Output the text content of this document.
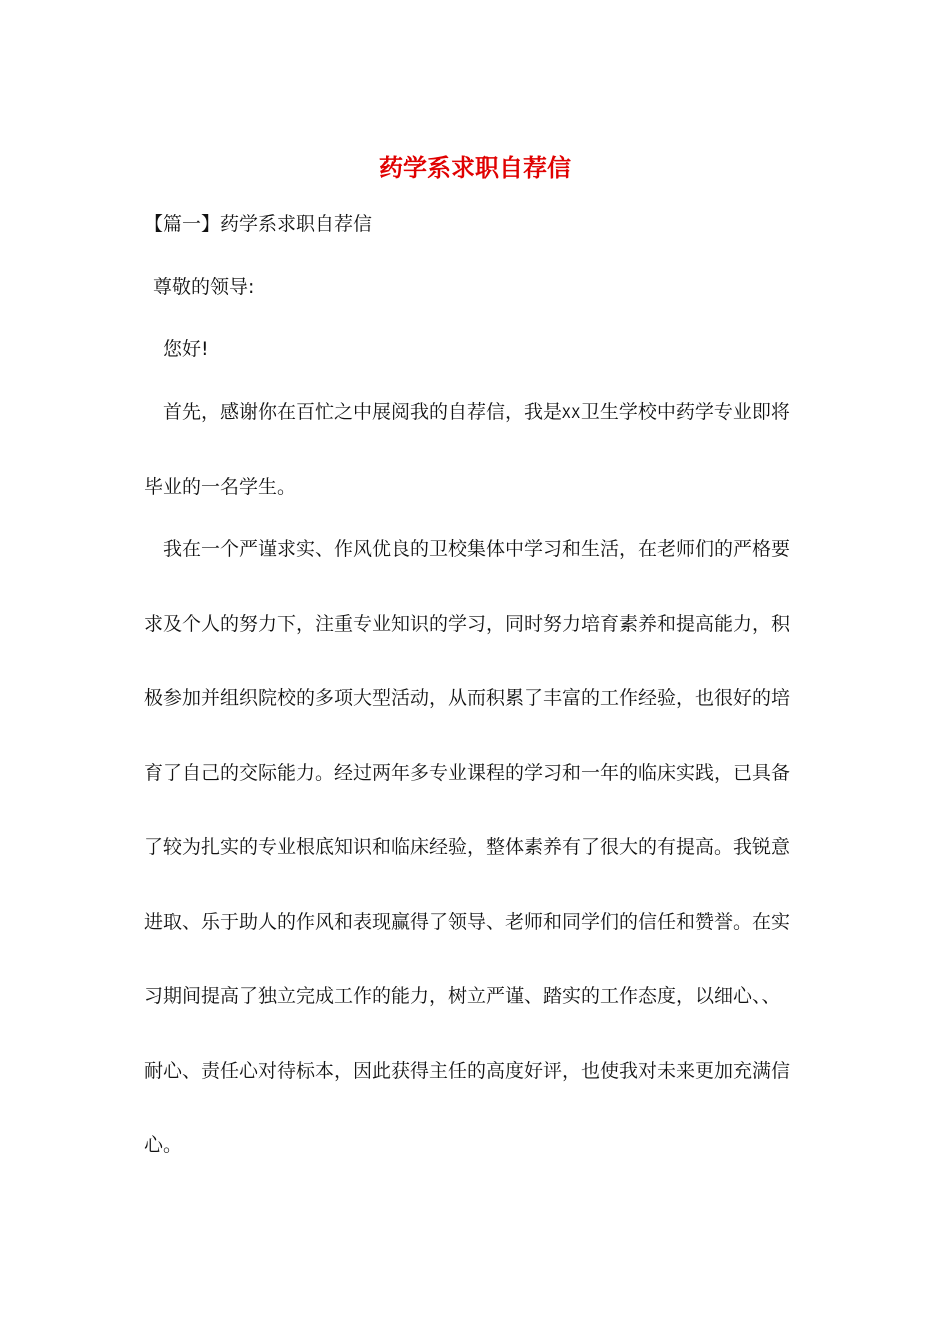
药学系求职自荐信
【篇一】药学系求职自荐信
尊敬的领导:
您好!
首先，感谢你在百忙之中展阅我的自荐信，我是XX卫生学校中药学专业即将
毕业的一名学生。
我在一个严谨求实、作风优良的卫校集体中学习和生活，在老师们的严格要
求及个人的努力下，注重专业知识的学习，同时努力培育素养和提高能力，积
极参加并组织院校的多项大型活动，从而积累了丰富的工作经验，也很好的培
育了自己的交际能力。经过两年多专业课程的学习和一年的临床实践，已具备
了较为扎实的专业根底知识和临床经验，整体素养有了很大的有提高。我锐意
进取、乐于助人的作风和表现赢得了领导、老师和同学们的信任和赞誉。在实
习期间提高了独立完成工作的能力，树立严谨、踏实的工作态度，以细心、、
耐心、责任心对待标本，因此获得主任的高度好评，也使我对未来更加充满信
心。
